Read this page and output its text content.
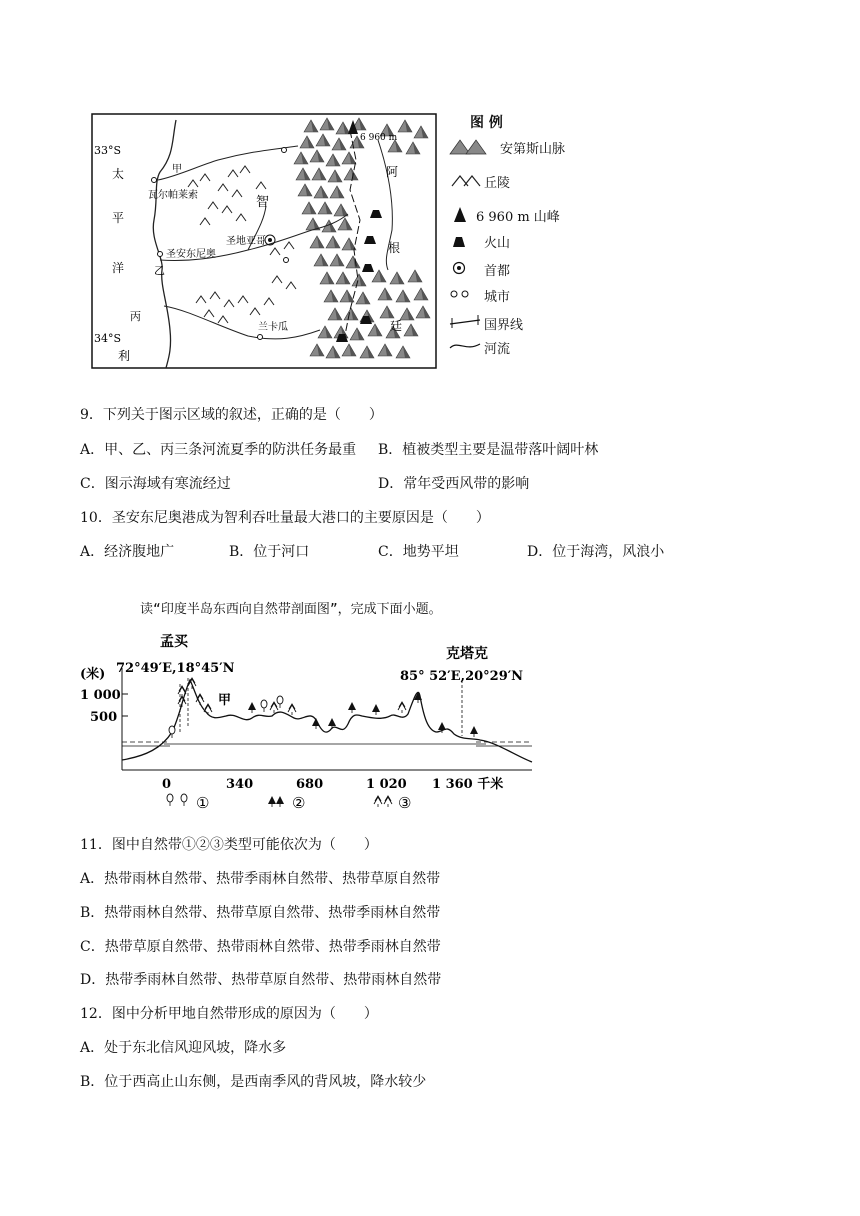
33°S
34°S
太
平
洋
利
甲
乙
丙
瓦尔帕莱索
圣地亚哥
圣安东尼奥
兰卡瓜
智
阿
根
廷
6 960 m
图 例
安第斯山脉
丘陵
6 960 m 山峰
火山
首都
城市
国界线
河流
9．下列关于图示区域的叙述，正确的是（　　）
A．甲、乙、丙三条河流夏季的防洪任务最重 B．植被类型主要是温带落叶阔叶林
C．图示海域有寒流经过	D．常年受西风带的影响
10．圣安东尼奥港成为智利吞吐量最大港口的主要原因是（　　）
A．经济腹地广	B．位于河口	C．地势平坦	D．位于海湾，风浪小
读“印度半岛东西向自然带剖面图”，完成下面小题。
孟买
72°49′E,18°45′N
克塔克
85° 52′E,20°29′N
(米)
1 000
500
甲
0	340	680	1 020 1 360 千米
①	②	③
11．图中自然带①②③类型可能依次为（　　）
A．热带雨林自然带、热带季雨林自然带、热带草原自然带
B．热带雨林自然带、热带草原自然带、热带季雨林自然带
C．热带草原自然带、热带雨林自然带、热带季雨林自然带
D．热带季雨林自然带、热带草原自然带、热带雨林自然带
12．图中分析甲地自然带形成的原因为（　　）
A．处于东北信风迎风坡，降水多
B．位于西高止山东侧，是西南季风的背风坡，降水较少
